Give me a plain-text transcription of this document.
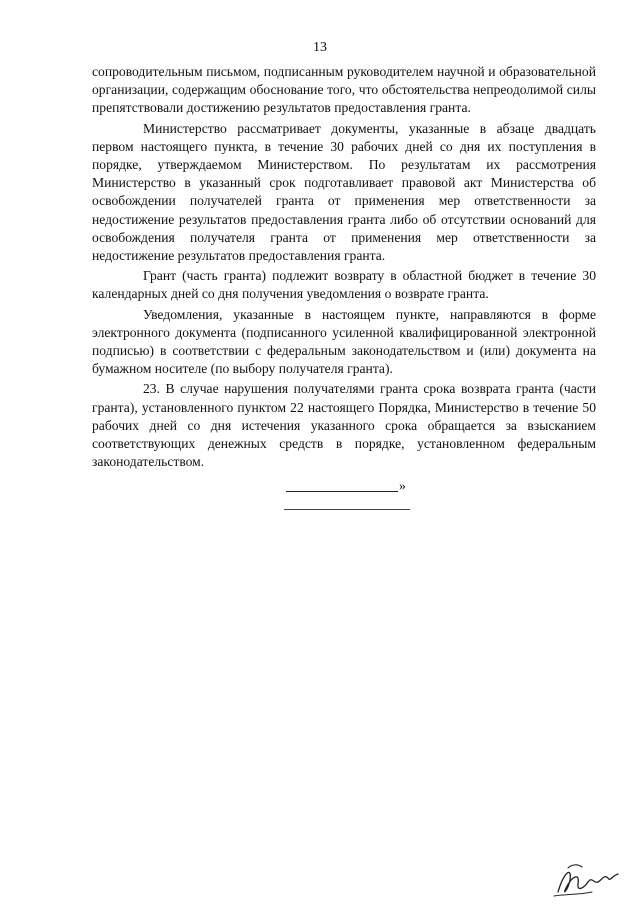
13

сопроводительным письмом, подписанным руководителем научной и образовательной организации, содержащим обоснование того, что обстоятельства непреодолимой силы препятствовали достижению результатов предоставления гранта.

Министерство рассматривает документы, указанные в абзаце двадцать первом настоящего пункта, в течение 30 рабочих дней со дня их поступления в порядке, утверждаемом Министерством. По результатам их рассмотрения Министерство в указанный срок подготавливает правовой акт Министерства об освобождении получателей гранта от применения мер ответственности за недостижение результатов предоставления гранта либо об отсутствии оснований для освобождения получателя гранта от применения мер ответственности за недостижение результатов предоставления гранта.

Грант (часть гранта) подлежит возврату в областной бюджет в течение 30 календарных дней со дня получения уведомления о возврате гранта.

Уведомления, указанные в настоящем пункте, направляются в форме электронного документа (подписанного усиленной квалифицированной электронной подписью) в соответствии с федеральным законодательством и (или) документа на бумажном носителе (по выбору получателя гранта).

23. В случае нарушения получателями гранта срока возврата гранта (части гранта), установленного пунктом 22 настоящего Порядка, Министерство в течение 50 рабочих дней со дня истечения указанного срока обращается за взысканием соответствующих денежных средств в порядке, установленном федеральным законодательством.

»
